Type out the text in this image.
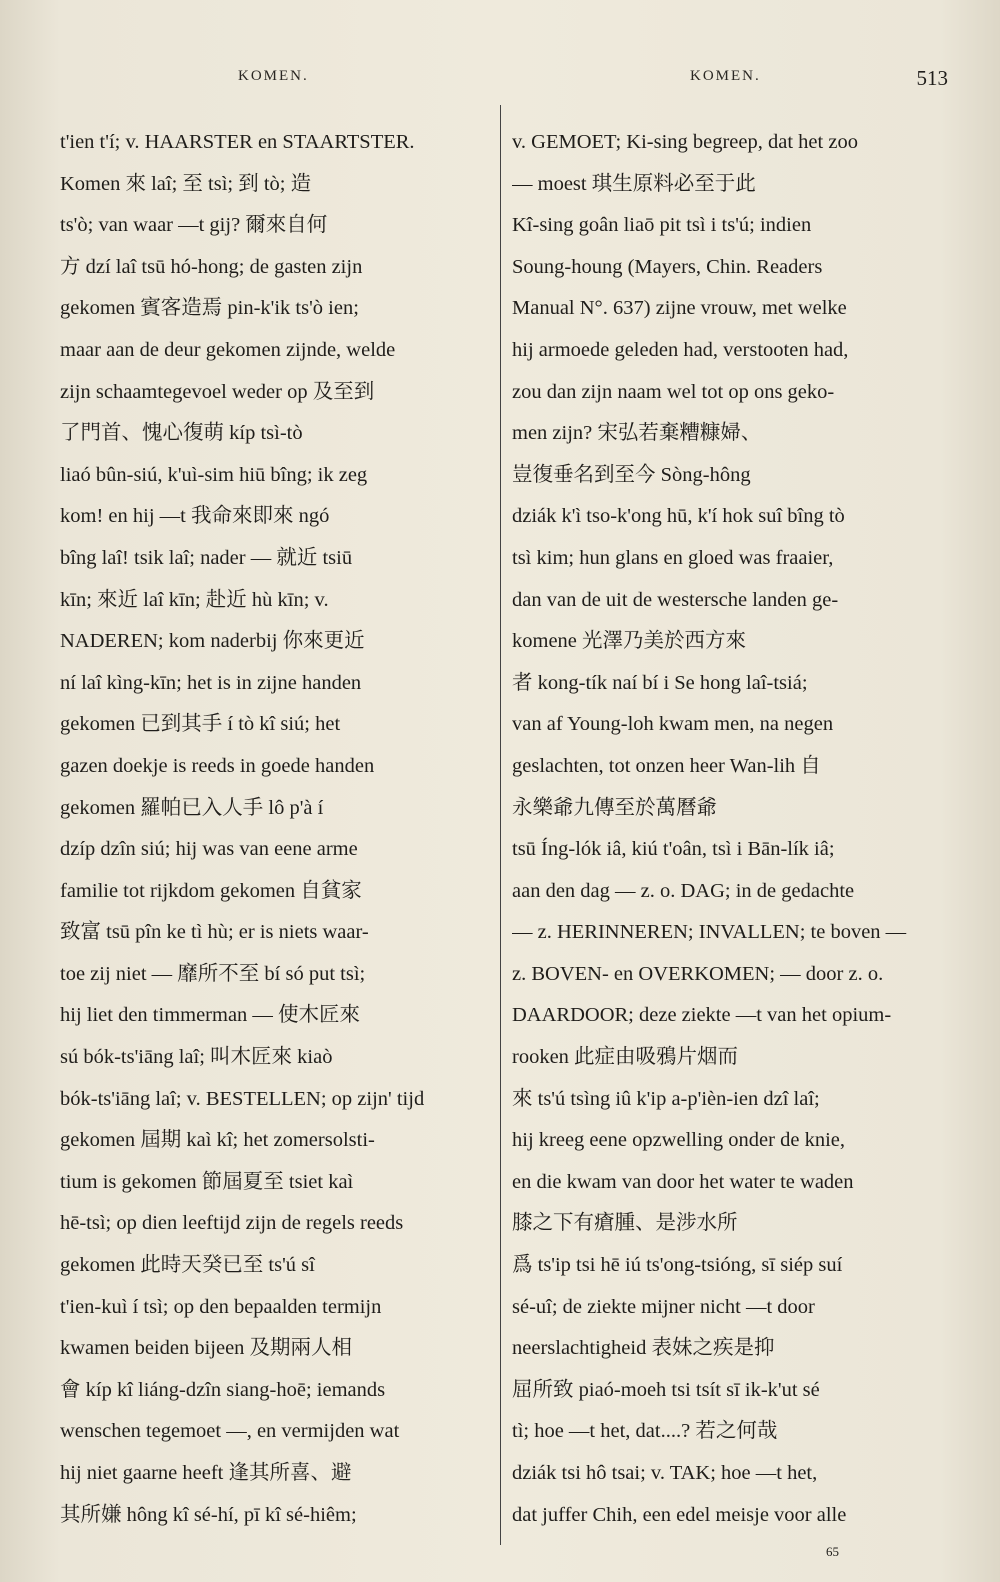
KOMEN.	KOMEN.	513
t'ien t'í; v. HAARSTER en STAARTSTER.
Komen 來 laî; 至 tsì; 到 tò; 造
ts'ò; van waar —t gij? 爾來自何
方 dzí laî tsū hó-hong; de gasten zijn
gekomen 賓客造焉 pin-k'ik ts'ò ien;
maar aan de deur gekomen zijnde, welde
zijn schaamtegevoel weder op 及至到
了門首、愧心復萌 kíp tsì-tò
liaó bûn-siú, k'uì-sim hiū bîng; ik zeg
kom! en hij —t 我命來即來 ngó
bîng laî! tsik laî; nader — 就近 tsiū
kīn; 來近 laî kīn; 赴近 hù kīn; v.
NADEREN; kom naderbij 你來更近
ní laî kìng-kīn; het is in zijne handen
gekomen 已到其手 í tò kî siú; het
gazen doekje is reeds in goede handen
gekomen 羅帕已入人手 lô p'à í
dzíp dzîn siú; hij was van eene arme
familie tot rijkdom gekomen 自貧家
致富 tsū pîn ke tì hù; er is niets waar-
toe zij niet — 靡所不至 bí só put tsì;
hij liet den timmerman — 使木匠來
sú bók-ts'iāng laî; 叫木匠來 kiaò
bók-ts'iāng laî; v. BESTELLEN; op zijn' tijd
gekomen 屆期 kaì kî; het zomersolsti-
tium is gekomen 節屆夏至 tsiet kaì
hē-tsì; op dien leeftijd zijn de regels reeds
gekomen 此時天癸已至 ts'ú sî
t'ien-kuì í tsì; op den bepaalden termijn
kwamen beiden bijeen 及期兩人相
會 kíp kî liáng-dzîn siang-hoē; iemands
wenschen tegemoet —, en vermijden wat
hij niet gaarne heeft 逢其所喜、避
其所嫌 hông kî sé-hí, pī kî sé-hiêm;
v. GEMOET; Ki-sing begreep, dat het zoo
— moest 琪生原料必至于此
Kî-sing goân liaō pit tsì i ts'ú; indien
Soung-houng (Mayers, Chin. Readers
Manual N°. 637) zijne vrouw, met welke
hij armoede geleden had, verstooten had,
zou dan zijn naam wel tot op ons geko-
men zijn? 宋弘若棄糟糠婦、
豈復垂名到至今 Sòng-hông
dziák k'ì tso-k'ong hū, k'í hok suî bîng tò
tsì kim; hun glans en gloed was fraaier,
dan van de uit de westersche landen ge-
komene 光澤乃美於西方來
者 kong-tík naí bí i Se hong laî-tsiá;
van af Young-loh kwam men, na negen
geslachten, tot onzen heer Wan-lih 自
永樂爺九傳至於萬曆爺
tsū Íng-lók iâ, kiú t'oân, tsì i Bān-lík iâ;
aan den dag — z. o. DAG; in de gedachte
— z. HERINNEREN; INVALLEN; te boven —
z. BOVEN- en OVERKOMEN; — door z. o.
DAARDOOR; deze ziekte —t van het opium-
rooken 此症由吸鴉片烟而
來 ts'ú tsìng iû k'ip a-p'ièn-ien dzî laî;
hij kreeg eene opzwelling onder de knie,
en die kwam van door het water te waden
膝之下有瘡腫、是涉水所
爲 ts'ip tsi hē iú ts'ong-tsióng, sī siép suí
sé-uî; de ziekte mijner nicht —t door
neerslachtigheid 表妹之疾是抑
屈所致 piaó-moeh tsi tsít sī ik-k'ut sé
tì; hoe —t het, dat....? 若之何哉
dziák tsi hô tsai; v. TAK; hoe —t het,
dat juffer Chih, een edel meisje voor alle
65
